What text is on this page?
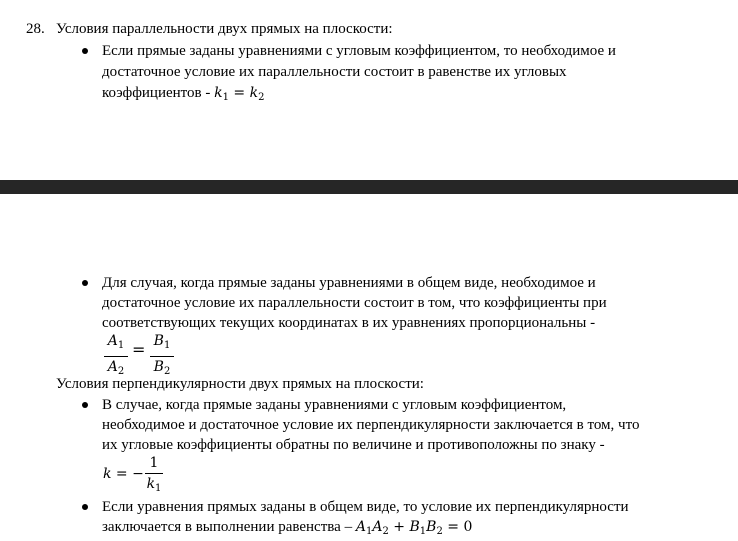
28. Условия параллельности двух прямых на плоскости:
Если прямые заданы уравнениями с угловым коэффициентом, то необходимое и
достаточное условие их параллельности состоит в равенстве их угловых
коэффициентов - $k_1 = k_2$
Для случая, когда прямые заданы уравнениями в общем виде, необходимое и
достаточное условие их параллельности состоит в том, что коэффициенты при
соответствующих текущих координатах в их уравнениях пропорциональны -
$A_1$
$A_2$
= $B_1$
$B_2$
Условия перпендикулярности двух прямых на плоскости:
В случае, когда прямые заданы уравнениями с угловым коэффициентом,
необходимое и достаточное условие их перпендикулярности заключается в том, что
их угловые коэффициенты обратны по величине и противоположны по знаку -
k = −
1
$k_1$
Если уравнения прямых заданы в общем виде, то условие их перпендикулярности
заключается в выполнении равенства – $A_1A_2 + B_1B_2 = 0$
